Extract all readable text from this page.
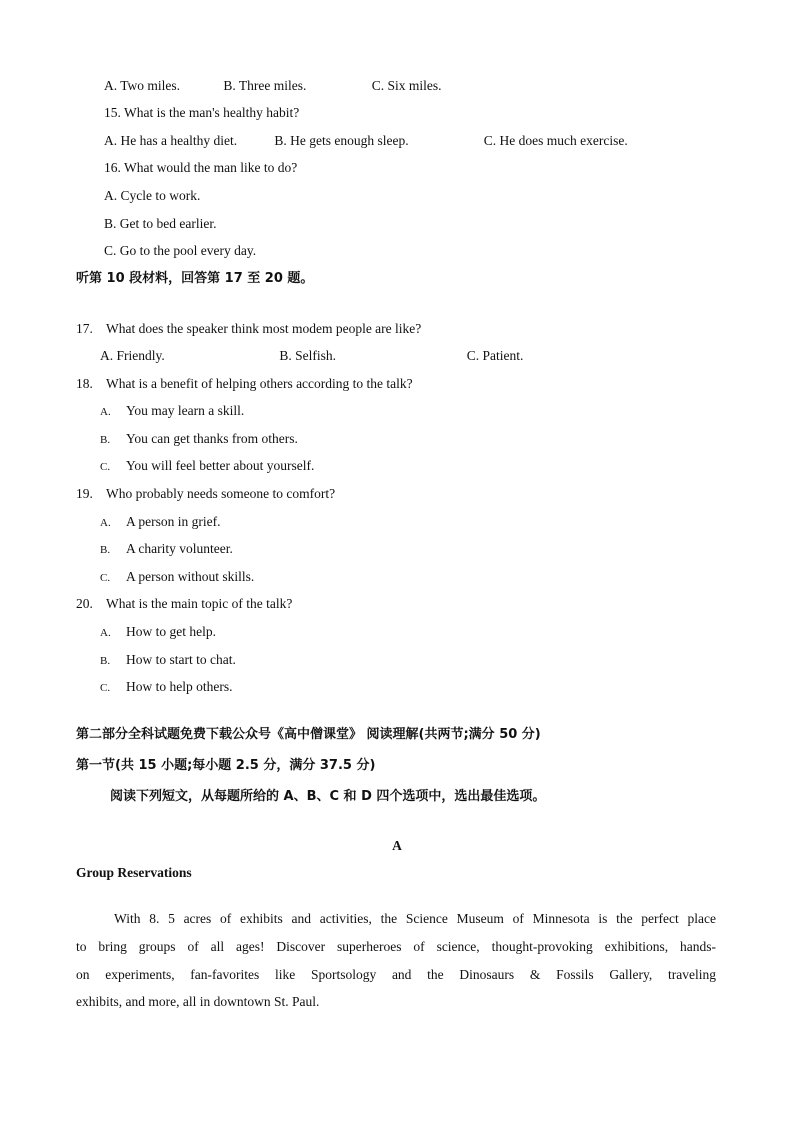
A. Two miles.	B. Three miles.	C. Six miles.
15. What is the man's healthy habit?
A. He has a healthy diet.	B. He gets enough sleep.	C. He does much exercise.
16. What would the man like to do?
A. Cycle to work.
B. Get to bed earlier.
C. Go to the pool every day.
听第 10 段材料，回答第 17 至 20 题。
17. What does the speaker think most modem people are like?
A. Friendly.	B. Selfish.	C. Patient.
18. What is a benefit of helping others according to the talk?
A. You may learn a skill.
B. You can get thanks from others.
C. You will feel better about yourself.
19. Who probably needs someone to comfort?
A. A person in grief.
B. A charity volunteer.
C. A person without skills.
20. What is the main topic of the talk?
A. How to get help.
B. How to start to chat.
C. How to help others.
第二部分全科试题免费下载公众号《高中僧课堂》 阅读理解(共两节;满分 50 分)
第一节(共 15 小题;每小题 2.5 分，满分 37.5 分)
阅读下列短文，从每题所给的 A、B、C 和 D 四个选项中，选出最佳选项。
A
Group Reservations
With 8. 5 acres of exhibits and activities, the Science Museum of Minnesota is the perfect place
to bring groups of all ages! Discover superheroes of science, thought-provoking exhibitions, hands-
on experiments, fan-favorites like Sportsology and the Dinosaurs & Fossils Gallery, traveling
exhibits, and more, all in downtown St. Paul.
